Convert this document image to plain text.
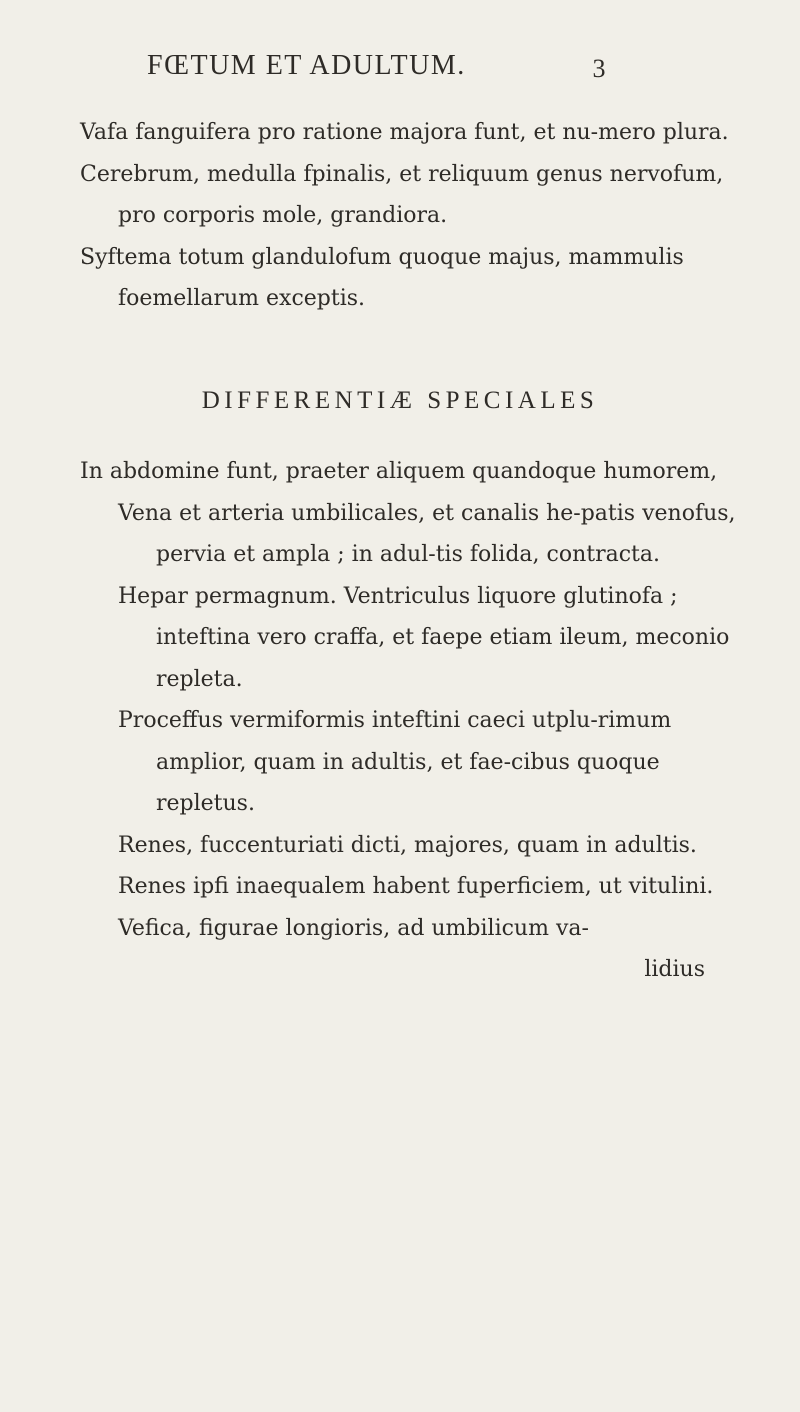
FŒTUM ET ADULTUM.	3

Vafa fanguifera pro ratione majora funt, et nu-mero plura.

Cerebrum, medulla fpinalis, et reliquum genus nervofum, pro corporis mole, grandiora.

Syftema totum glandulofum quoque majus, mammulis foemellarum exceptis.

DIFFERENTIÆ SPECIALES

In abdomine funt, praeter aliquem quandoque humorem,

Vena et arteria umbilicales, et canalis he-patis venofus, pervia et ampla ; in adul-tis folida, contracta.

Hepar permagnum. Ventriculus liquore glutinofa ; inteftina vero craffa, et faepe etiam ileum, meconio repleta.

Proceffus vermiformis inteftini caeci utplu-rimum amplior, quam in adultis, et fae-cibus quoque repletus.

Renes, fuccenturiati dicti, majores, quam in adultis.

Renes ipfi inaequalem habent fuperficiem, ut vitulini.

Vefica, figurae longioris, ad umbilicum va-

lidius
